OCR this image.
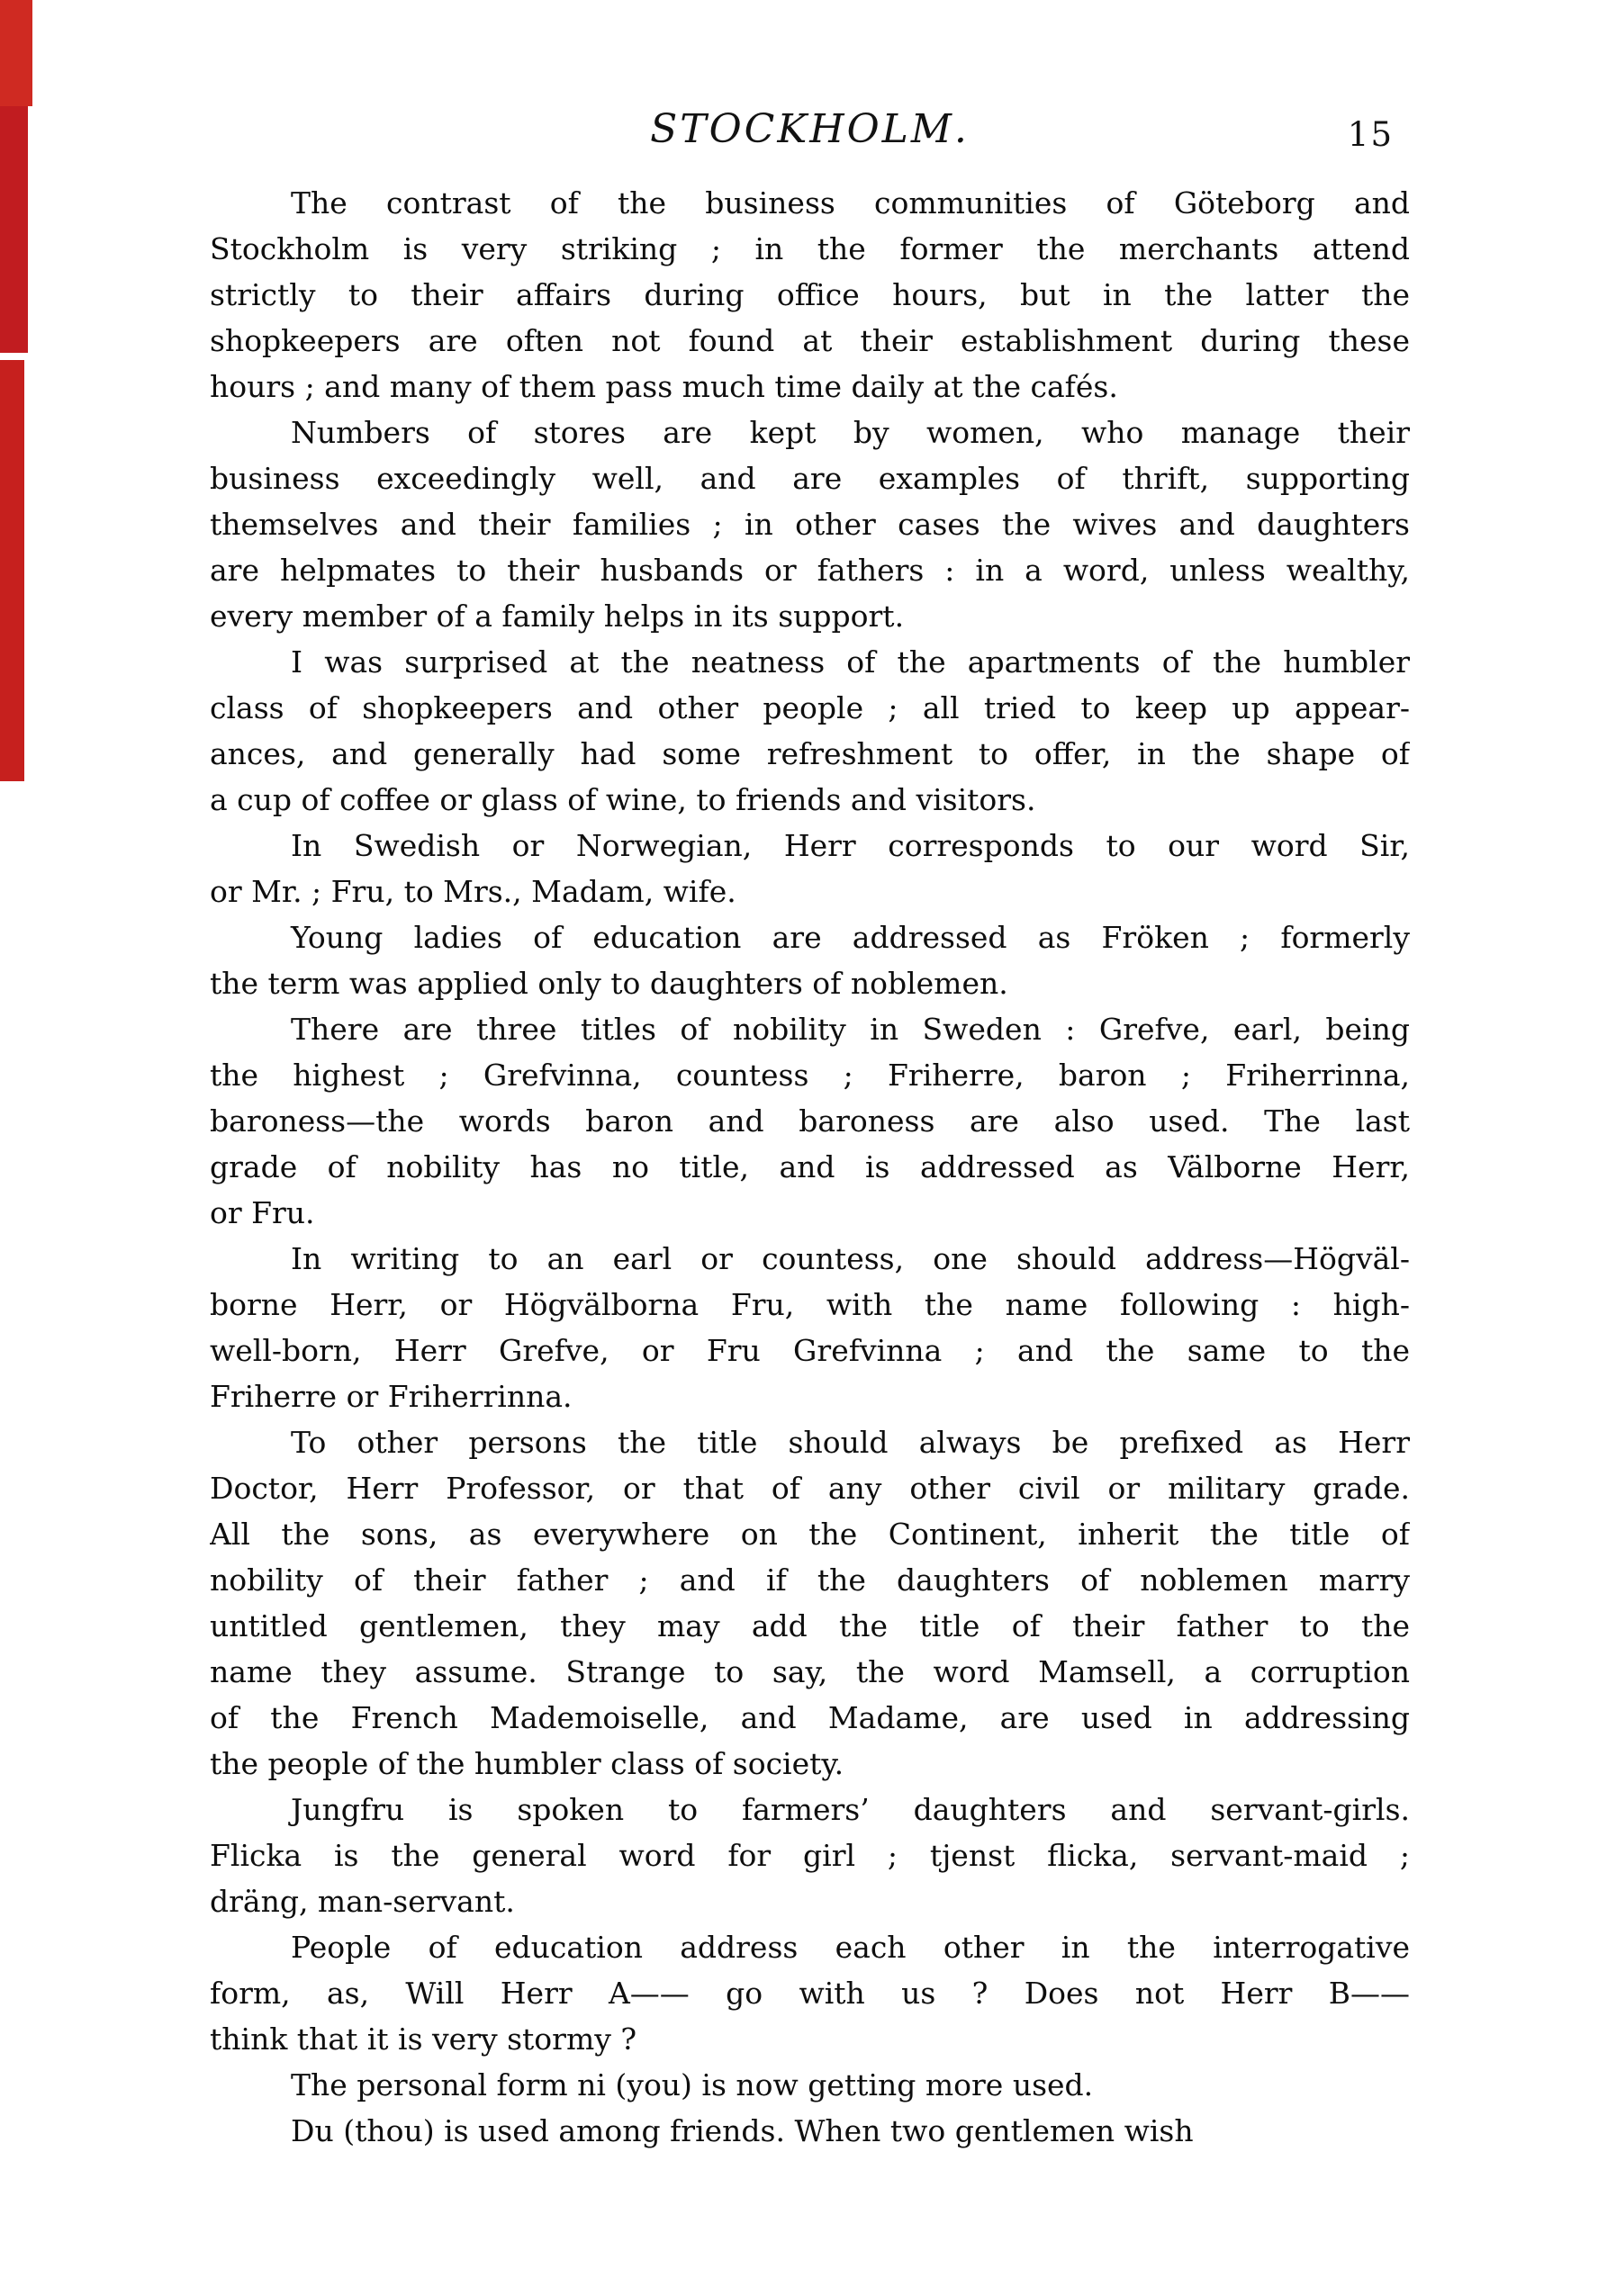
STOCKHOLM.	15
The contrast of the business communities of Göteborg and
Stockholm is very striking ; in the former the merchants attend
strictly to their affairs during office hours, but in the latter the
shopkeepers are often not found at their establishment during these
hours ; and many of them pass much time daily at the cafés.
Numbers of stores are kept by women, who manage their
business exceedingly well, and are examples of thrift, supporting
themselves and their families ; in other cases the wives and daughters
are helpmates to their husbands or fathers : in a word, unless wealthy,
every member of a family helps in its support.
I was surprised at the neatness of the apartments of the humbler
class of shopkeepers and other people ; all tried to keep up appear-
ances, and generally had some refreshment to offer, in the shape of
a cup of coffee or glass of wine, to friends and visitors.
In Swedish or Norwegian, Herr corresponds to our word Sir,
or Mr. ; Fru, to Mrs., Madam, wife.
Young ladies of education are addressed as Fröken ; formerly
the term was applied only to daughters of noblemen.
There are three titles of nobility in Sweden : Grefve, earl, being
the highest ; Grefvinna, countess ; Friherre, baron ; Friherrinna,
baroness—the words baron and baroness are also used. The last
grade of nobility has no title, and is addressed as Välborne Herr,
or Fru.
In writing to an earl or countess, one should address—Högväl-
borne Herr, or Högvälborna Fru, with the name following : high-
well-born, Herr Grefve, or Fru Grefvinna ; and the same to the
Friherre or Friherrinna.
To other persons the title should always be prefixed as Herr
Doctor, Herr Professor, or that of any other civil or military grade.
All the sons, as everywhere on the Continent, inherit the title of
nobility of their father ; and if the daughters of noblemen marry
untitled gentlemen, they may add the title of their father to the
name they assume. Strange to say, the word Mamsell, a corruption
of the French Mademoiselle, and Madame, are used in addressing
the people of the humbler class of society.
Jungfru is spoken to farmers’ daughters and servant-girls.
Flicka is the general word for girl ; tjenst flicka, servant-maid ;
dräng, man-servant.
People of education address each other in the interrogative
form, as, Will Herr A—— go with us ? Does not Herr B——
think that it is very stormy ?
The personal form ni (you) is now getting more used.
Du (thou) is used among friends. When two gentlemen wish
